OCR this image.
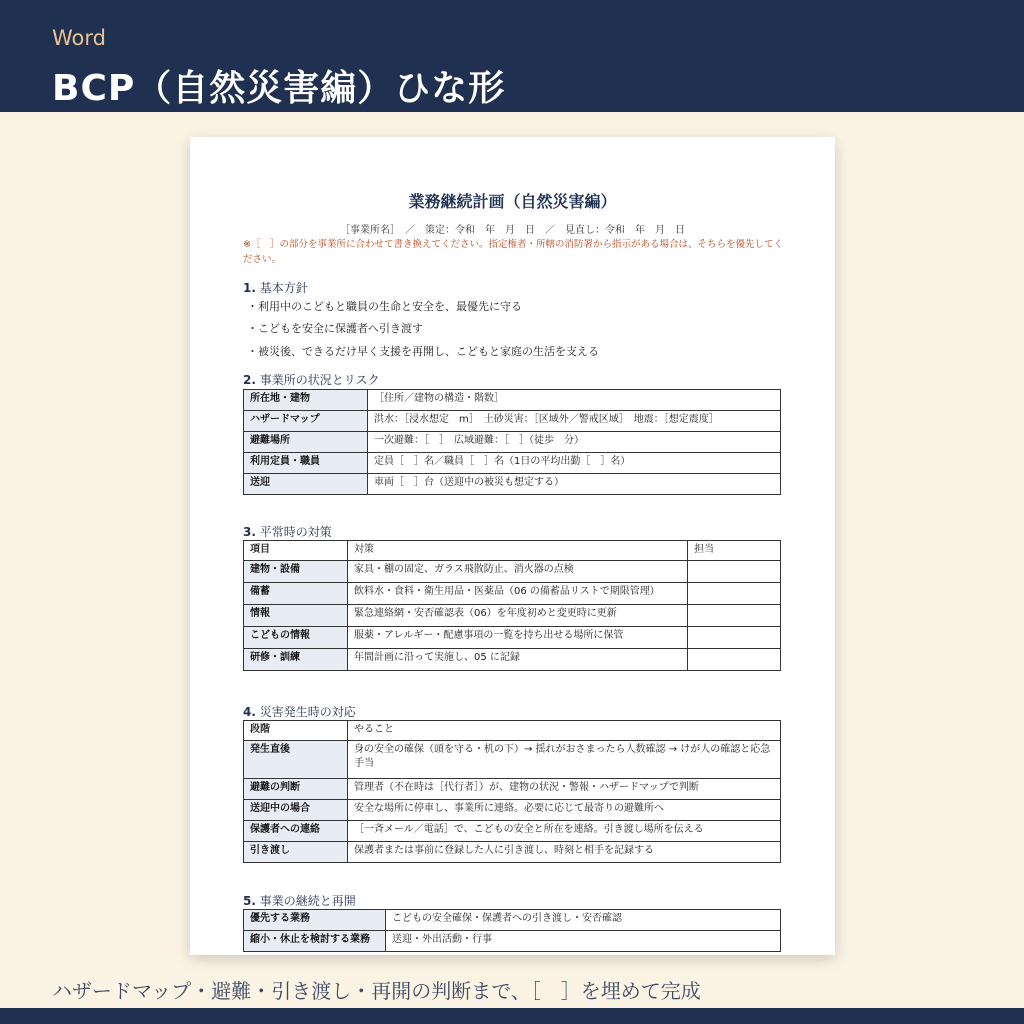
Word
BCP（自然災害編）ひな形
業務継続計画（自然災害編）
［事業所名］　／　策定：令和　年　月　日　／　見直し：令和　年　月　日
※［　］の部分を事業所に合わせて書き換えてください。指定権者・所轄の消防署から指示がある場合は、そちらを優先してください。
1. 基本方針
・利用中のこどもと職員の生命と安全を、最優先に守る
・こどもを安全に保護者へ引き渡す
・被災後、できるだけ早く支援を再開し、こどもと家庭の生活を支える
2. 事業所の状況とリスク
所在地・建物	［住所／建物の構造・階数］
ハザードマップ	洪水：［浸水想定　m］　土砂災害：［区域外／警戒区域］　地震：［想定震度］
避難場所	一次避難：［　］　広域避難：［　］（徒歩　分）
利用定員・職員	定員［　］名／職員［　］名（1日の平均出勤［　］名）
送迎	車両［　］台（送迎中の被災も想定する）
3. 平常時の対策
項目	対策	担当
建物・設備	家具・棚の固定、ガラス飛散防止、消火器の点検	
備蓄	飲料水・食料・衛生用品・医薬品（06 の備蓄品リストで期限管理）	
情報	緊急連絡網・安否確認表（06）を年度初めと変更時に更新	
こどもの情報	服薬・アレルギー・配慮事項の一覧を持ち出せる場所に保管	
研修・訓練	年間計画に沿って実施し、05 に記録	
4. 災害発生時の対応
段階	やること
発生直後	身の安全の確保（頭を守る・机の下）→ 揺れがおさまったら人数確認 → けが人の確認と応急手当
避難の判断	管理者（不在時は［代行者］）が、建物の状況・警報・ハザードマップで判断
送迎中の場合	安全な場所に停車し、事業所に連絡。必要に応じて最寄りの避難所へ
保護者への連絡	［一斉メール／電話］で、こどもの安全と所在を連絡。引き渡し場所を伝える
引き渡し	保護者または事前に登録した人に引き渡し、時刻と相手を記録する
5. 事業の継続と再開
優先する業務	こどもの安全確保・保護者への引き渡し・安否確認
縮小・休止を検討する業務	送迎・外出活動・行事
ハザードマップ・避難・引き渡し・再開の判断まで、［　］を埋めて完成
